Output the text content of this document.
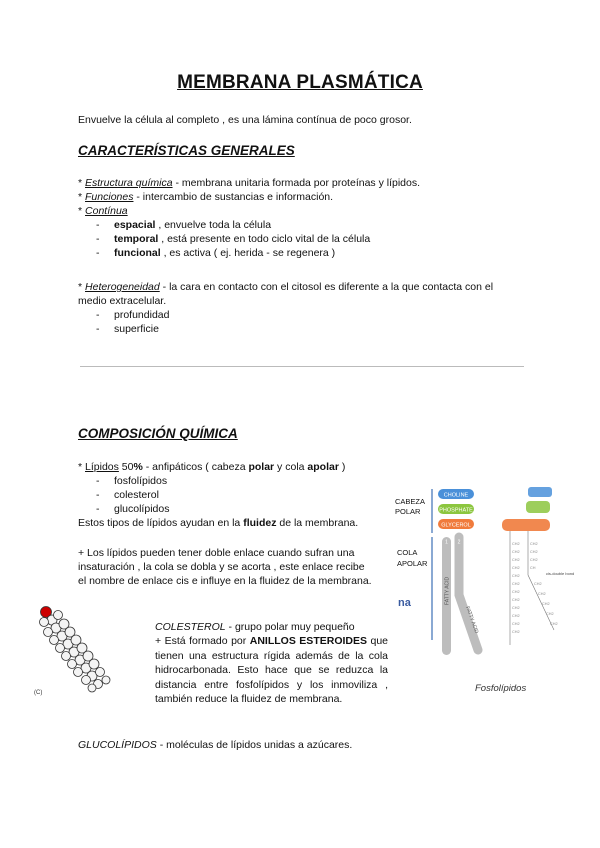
MEMBRANA PLASMÁTICA
Envuelve la célula al completo , es una lámina contínua de poco grosor.
CARACTERÍSTICAS GENERALES
* Estructura química - membrana unitaria formada por proteínas y lípidos.
* Funciones - intercambio de sustancias e información.
* Contínua
- espacial , envuelve toda la célula
- temporal , está presente en todo ciclo vital de la célula
- funcional , es activa ( ej. herida - se regenera )
* Heterogeneidad - la cara en contacto con el citosol es diferente a la que contacta con el
medio extracelular.
- profundidad
- superficie
COMPOSICIÓN QUÍMICA
* Lípidos 50% - anfipáticos ( cabeza polar y cola apolar )
- fosfolípidos
- colesterol
- glucolípidos
Estos tipos de lípidos ayudan en la fluidez de la membrana.
+ Los lípidos pueden tener doble enlace cuando sufran una
insaturación , la cola se dobla y se acorta , este enlace recibe
el nombre de enlace cis e influye en la fluidez de la membrana.
(C)
COLESTEROL - grupo polar muy pequeño
+ Está formado por ANILLOS ESTEROIDES que tienen una estructura rígida además de la cola hidrocarbonada. Esto hace que se reduzca la distancia entre fosfolípidos y los inmoviliza , también reduce la fluidez de membrana.
GLUCOLÍPIDOS - moléculas de lípidos unidas a azúcares.
CABEZA
POLAR
COLA
APOLAR
na
CHOLINE
PHOSPHATE
GLYCEROL
1
FATTY ACID
2
FATTY ACID
CH2
CH2
CH2
CH2
CH2
CH2
CH2
CH2
CH2
CH2
CH2
CH2
CH2
CH2
CH2
CH
CH2
CH2
CH2
CH2
CH2
cis-double bond
Fosfolípidos
